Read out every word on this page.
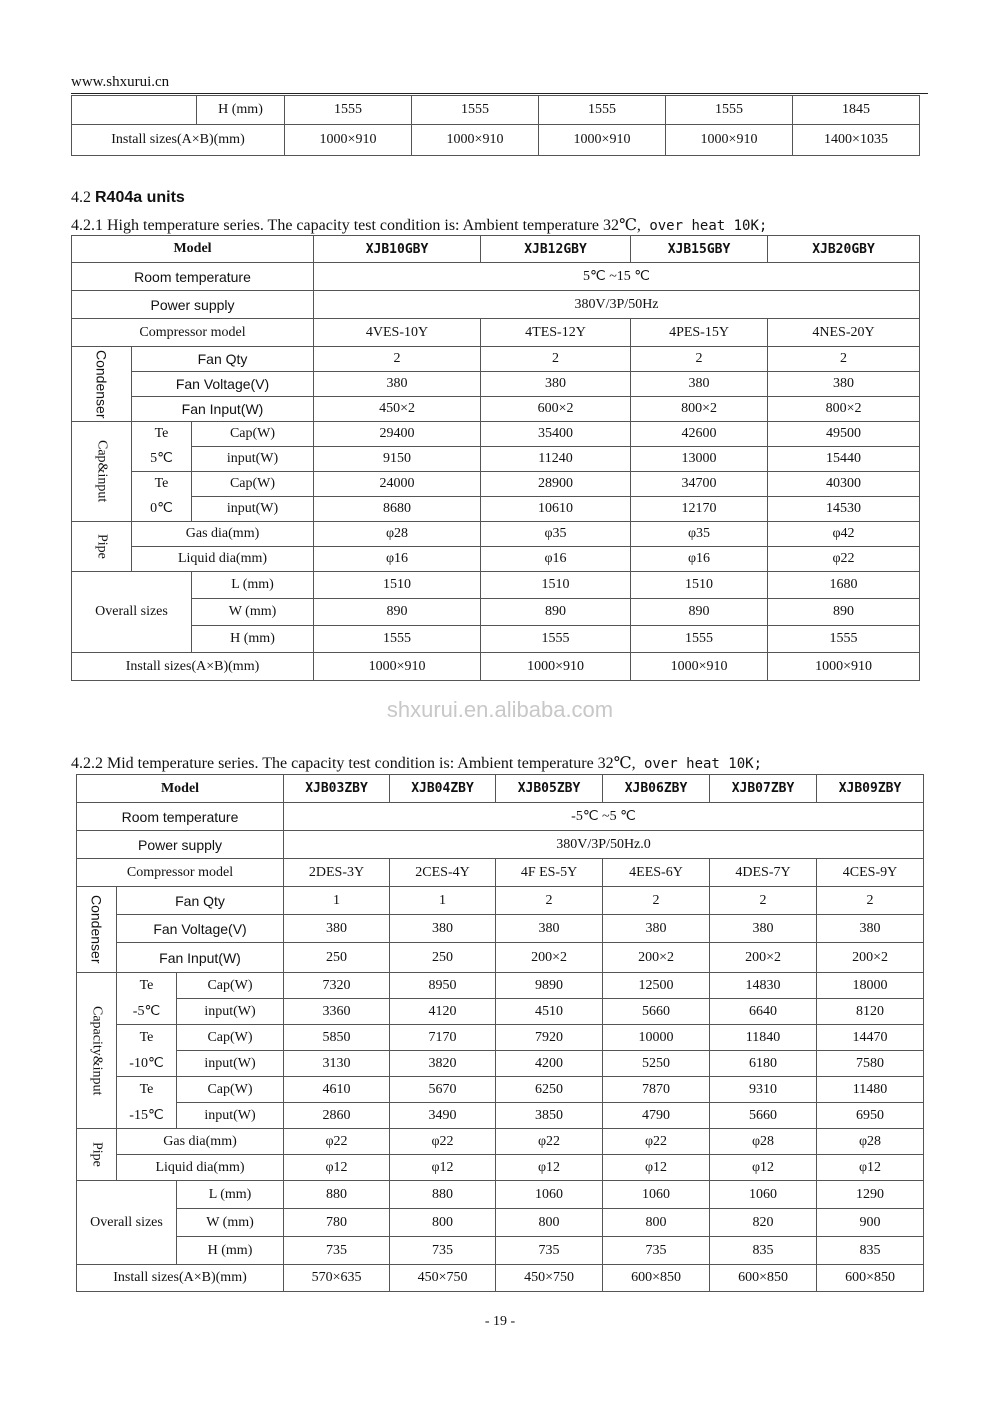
www.shxurui.cn
	H (mm)	1555	1555	1555	1555	1845
Install sizes(A×B)(mm)		1000×910	1000×910	1000×910	1000×910	1400×1035
4.2 R404a units
4.2.1 High temperature series. The capacity test condition is: Ambient temperature 32℃, over heat 10K;
Model			XJB10GBY	XJB12GBY	XJB15GBY	XJB20GBY
Room temperature			5℃ ~15 ℃			
Power supply			380V/3P/50Hz			
Compressor model			4VES-10Y	4TES-12Y	4PES-15Y	4NES-20Y
Condenser	Fan Qty		2	2	2	2
	Fan Voltage(V)		380	380	380	380
	Fan Input(W)		450×2	600×2	800×2	800×2
Cap&input	Te	Cap(W)	29400	35400	42600	49500
	5℃	input(W)	9150	11240	13000	15440
	Te	Cap(W)	24000	28900	34700	40300
	0℃	input(W)	8680	10610	12170	14530
Pipe	Gas dia(mm)		φ28	φ35	φ35	φ42
	Liquid dia(mm)		φ16	φ16	φ16	φ22
Overall sizes		L (mm)	1510	1510	1510	1680
		W (mm)	890	890	890	890
		H (mm)	1555	1555	1555	1555
Install sizes(A×B)(mm)			1000×910	1000×910	1000×910	1000×910
shxurui.en.alibaba.com
4.2.2 Mid temperature series. The capacity test condition is: Ambient temperature 32℃, over heat 10K;
Model			XJB03ZBY	XJB04ZBY	XJB05ZBY	XJB06ZBY	XJB07ZBY	XJB09ZBY
Room temperature			-5℃ ~5 ℃					
Power supply			380V/3P/50Hz.0					
Compressor model			2DES-3Y	2CES-4Y	4F ES-5Y	4EES-6Y	4DES-7Y	4CES-9Y
Condenser	Fan Qty		1	1	2	2	2	2
	Fan Voltage(V)		380	380	380	380	380	380
	Fan Input(W)		250	250	200×2	200×2	200×2	200×2
Capacity&input	Te	Cap(W)	7320	8950	9890	12500	14830	18000
	-5℃	input(W)	3360	4120	4510	5660	6640	8120
	Te	Cap(W)	5850	7170	7920	10000	11840	14470
	-10℃	input(W)	3130	3820	4200	5250	6180	7580
	Te	Cap(W)	4610	5670	6250	7870	9310	11480
	-15℃	input(W)	2860	3490	3850	4790	5660	6950
Pipe	Gas dia(mm)		φ22	φ22	φ22	φ22	φ28	φ28
	Liquid dia(mm)		φ12	φ12	φ12	φ12	φ12	φ12
Overall sizes		L (mm)	880	880	1060	1060	1060	1290
		W (mm)	780	800	800	800	820	900
		H (mm)	735	735	735	735	835	835
Install sizes(A×B)(mm)			570×635	450×750	450×750	600×850	600×850	600×850
- 19 -
